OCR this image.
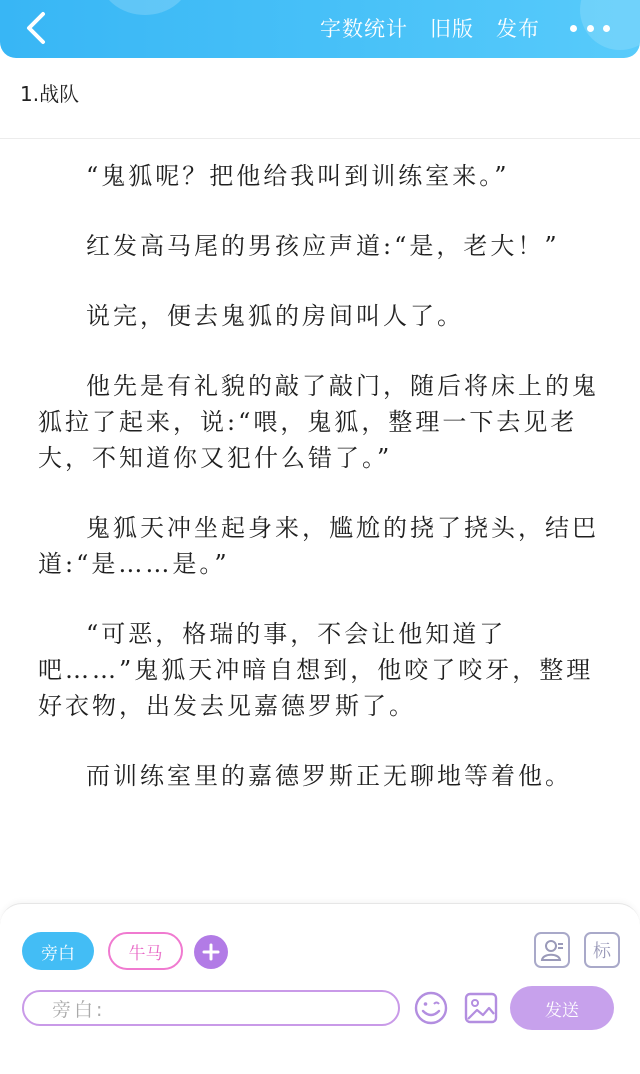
字数统计 旧版 发布
1.战队

“鬼狐呢？把他给我叫到训练室来。”

红发高马尾的男孩应声道:“是，老大！”

说完，便去鬼狐的房间叫人了。

他先是有礼貌的敲了敲门，随后将床上的鬼狐拉了起来，说:“喂，鬼狐，整理一下去见老大，不知道你又犯什么错了。”

鬼狐天冲坐起身来，尴尬的挠了挠头，结巴道:“是……是。”

“可恶，格瑞的事，不会让他知道了吧……”鬼狐天冲暗自想到，他咬了咬牙，整理好衣物，出发去见嘉德罗斯了。

而训练室里的嘉德罗斯正无聊地等着他。

旁白	牛马	标
旁白:	发送
